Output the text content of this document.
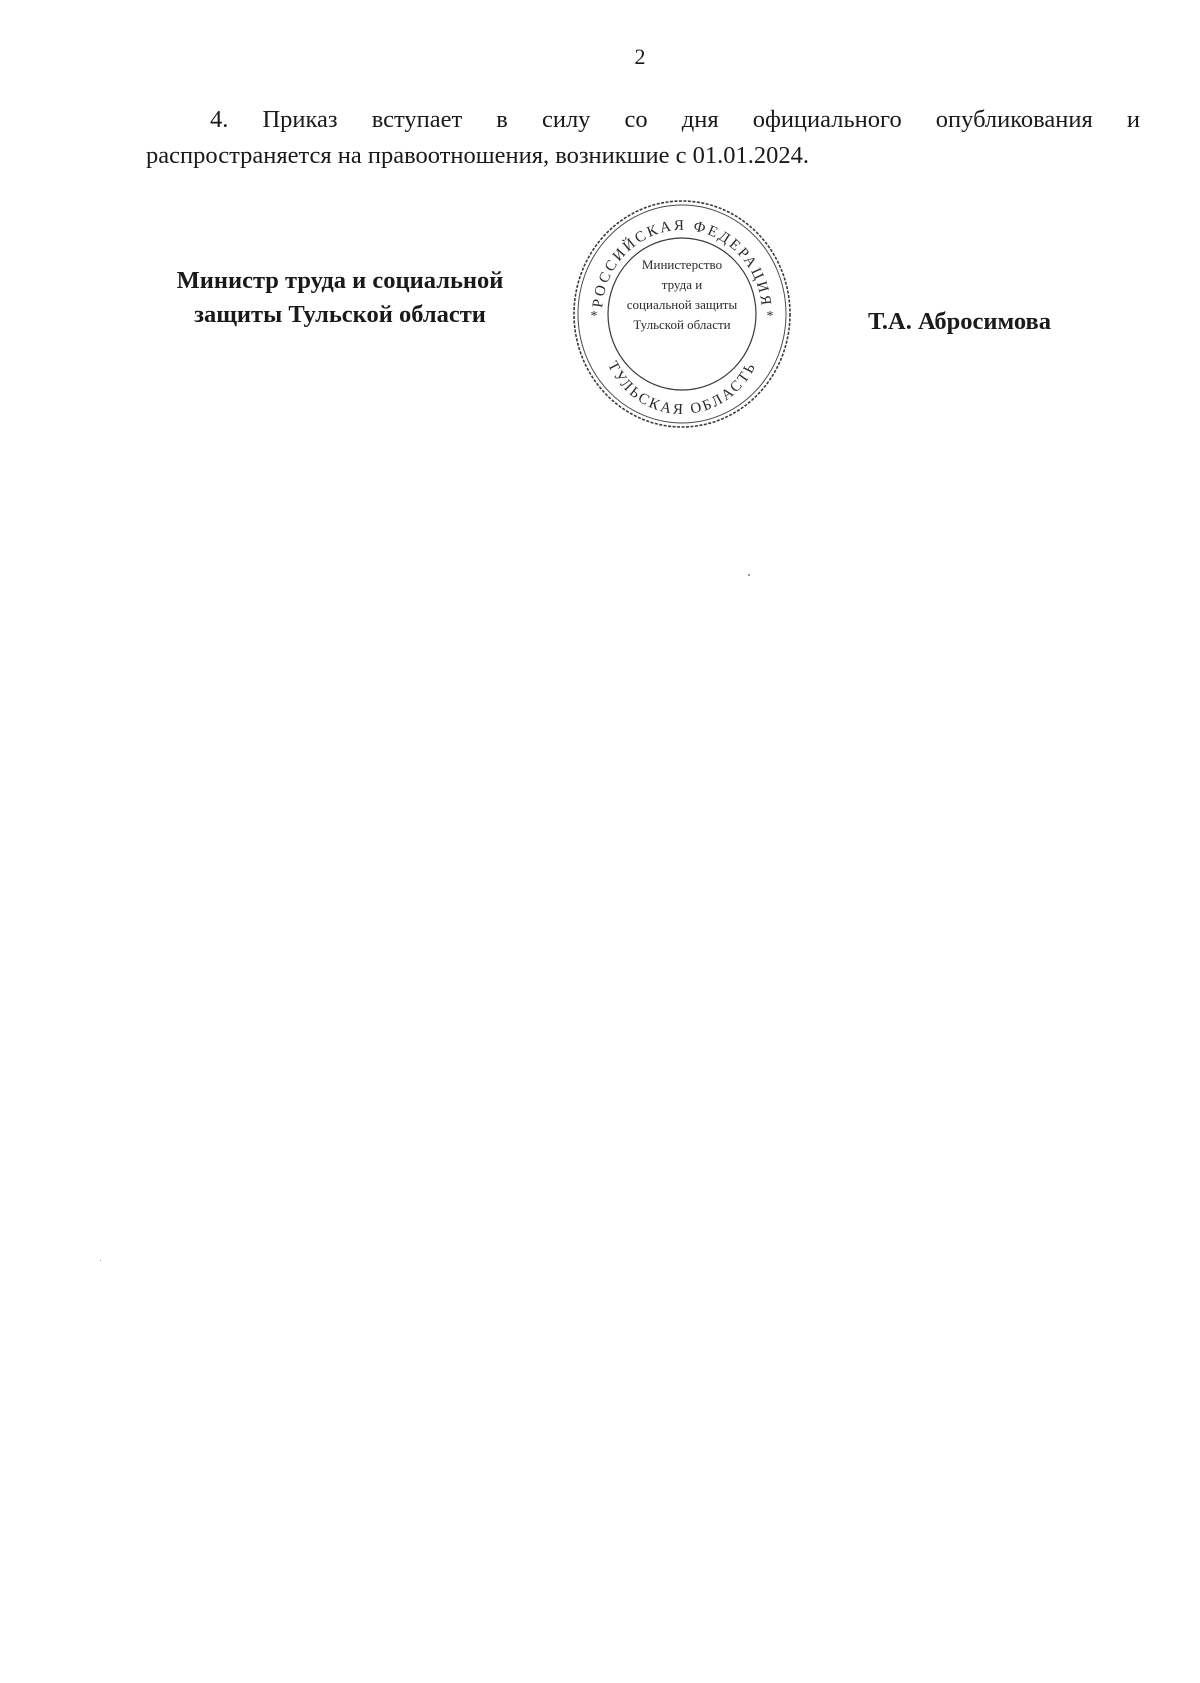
2
4. Приказ вступает в силу со дня официального опубликования и
распространяется на правоотношения, возникшие с 01.01.2024.
Министр труда и социальной
защиты Тульской области	РОССИЙСКАЯ ФЕДЕРАЦИЯ
ТУЛЬСКАЯ ОБЛАСТЬ
*	*
Министерство
труда и
социальной защиты
Тульской области	Т.А. Абросимова
